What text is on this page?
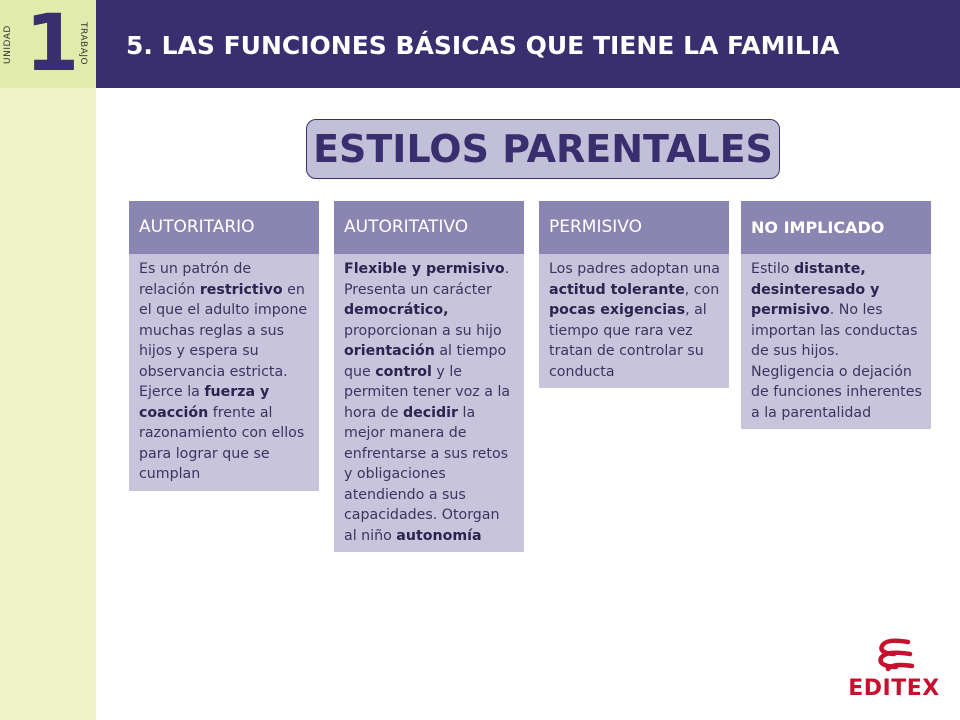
UNIDAD 1
TRABAJO 5. LAS FUNCIONES BÁSICAS QUE TIENE LA FAMILIA
ESTILOS PARENTALES
AUTORITARIO
Es un patrón de relación restrictivo en el que el adulto impone muchas reglas a sus hijos y espera su observancia estricta. Ejerce la fuerza y coacción frente al razonamiento con ellos para lograr que se cumplan
AUTORITATIVO
Flexible y permisivo. Presenta un carácter democrático, proporcionan a su hijo orientación al tiempo que control y le permiten tener voz a la hora de decidir la mejor manera de enfrentarse a sus retos y obligaciones atendiendo a sus capacidades. Otorgan al niño autonomía
PERMISIVO
Los padres adoptan una actitud tolerante, con pocas exigencias, al tiempo que rara vez tratan de controlar su conducta
NO IMPLICADO
Estilo distante, desinteresado y permisivo. No les importan las conductas de sus hijos. Negligencia o dejación de funciones inherentes a la parentalidad
EDITEX
